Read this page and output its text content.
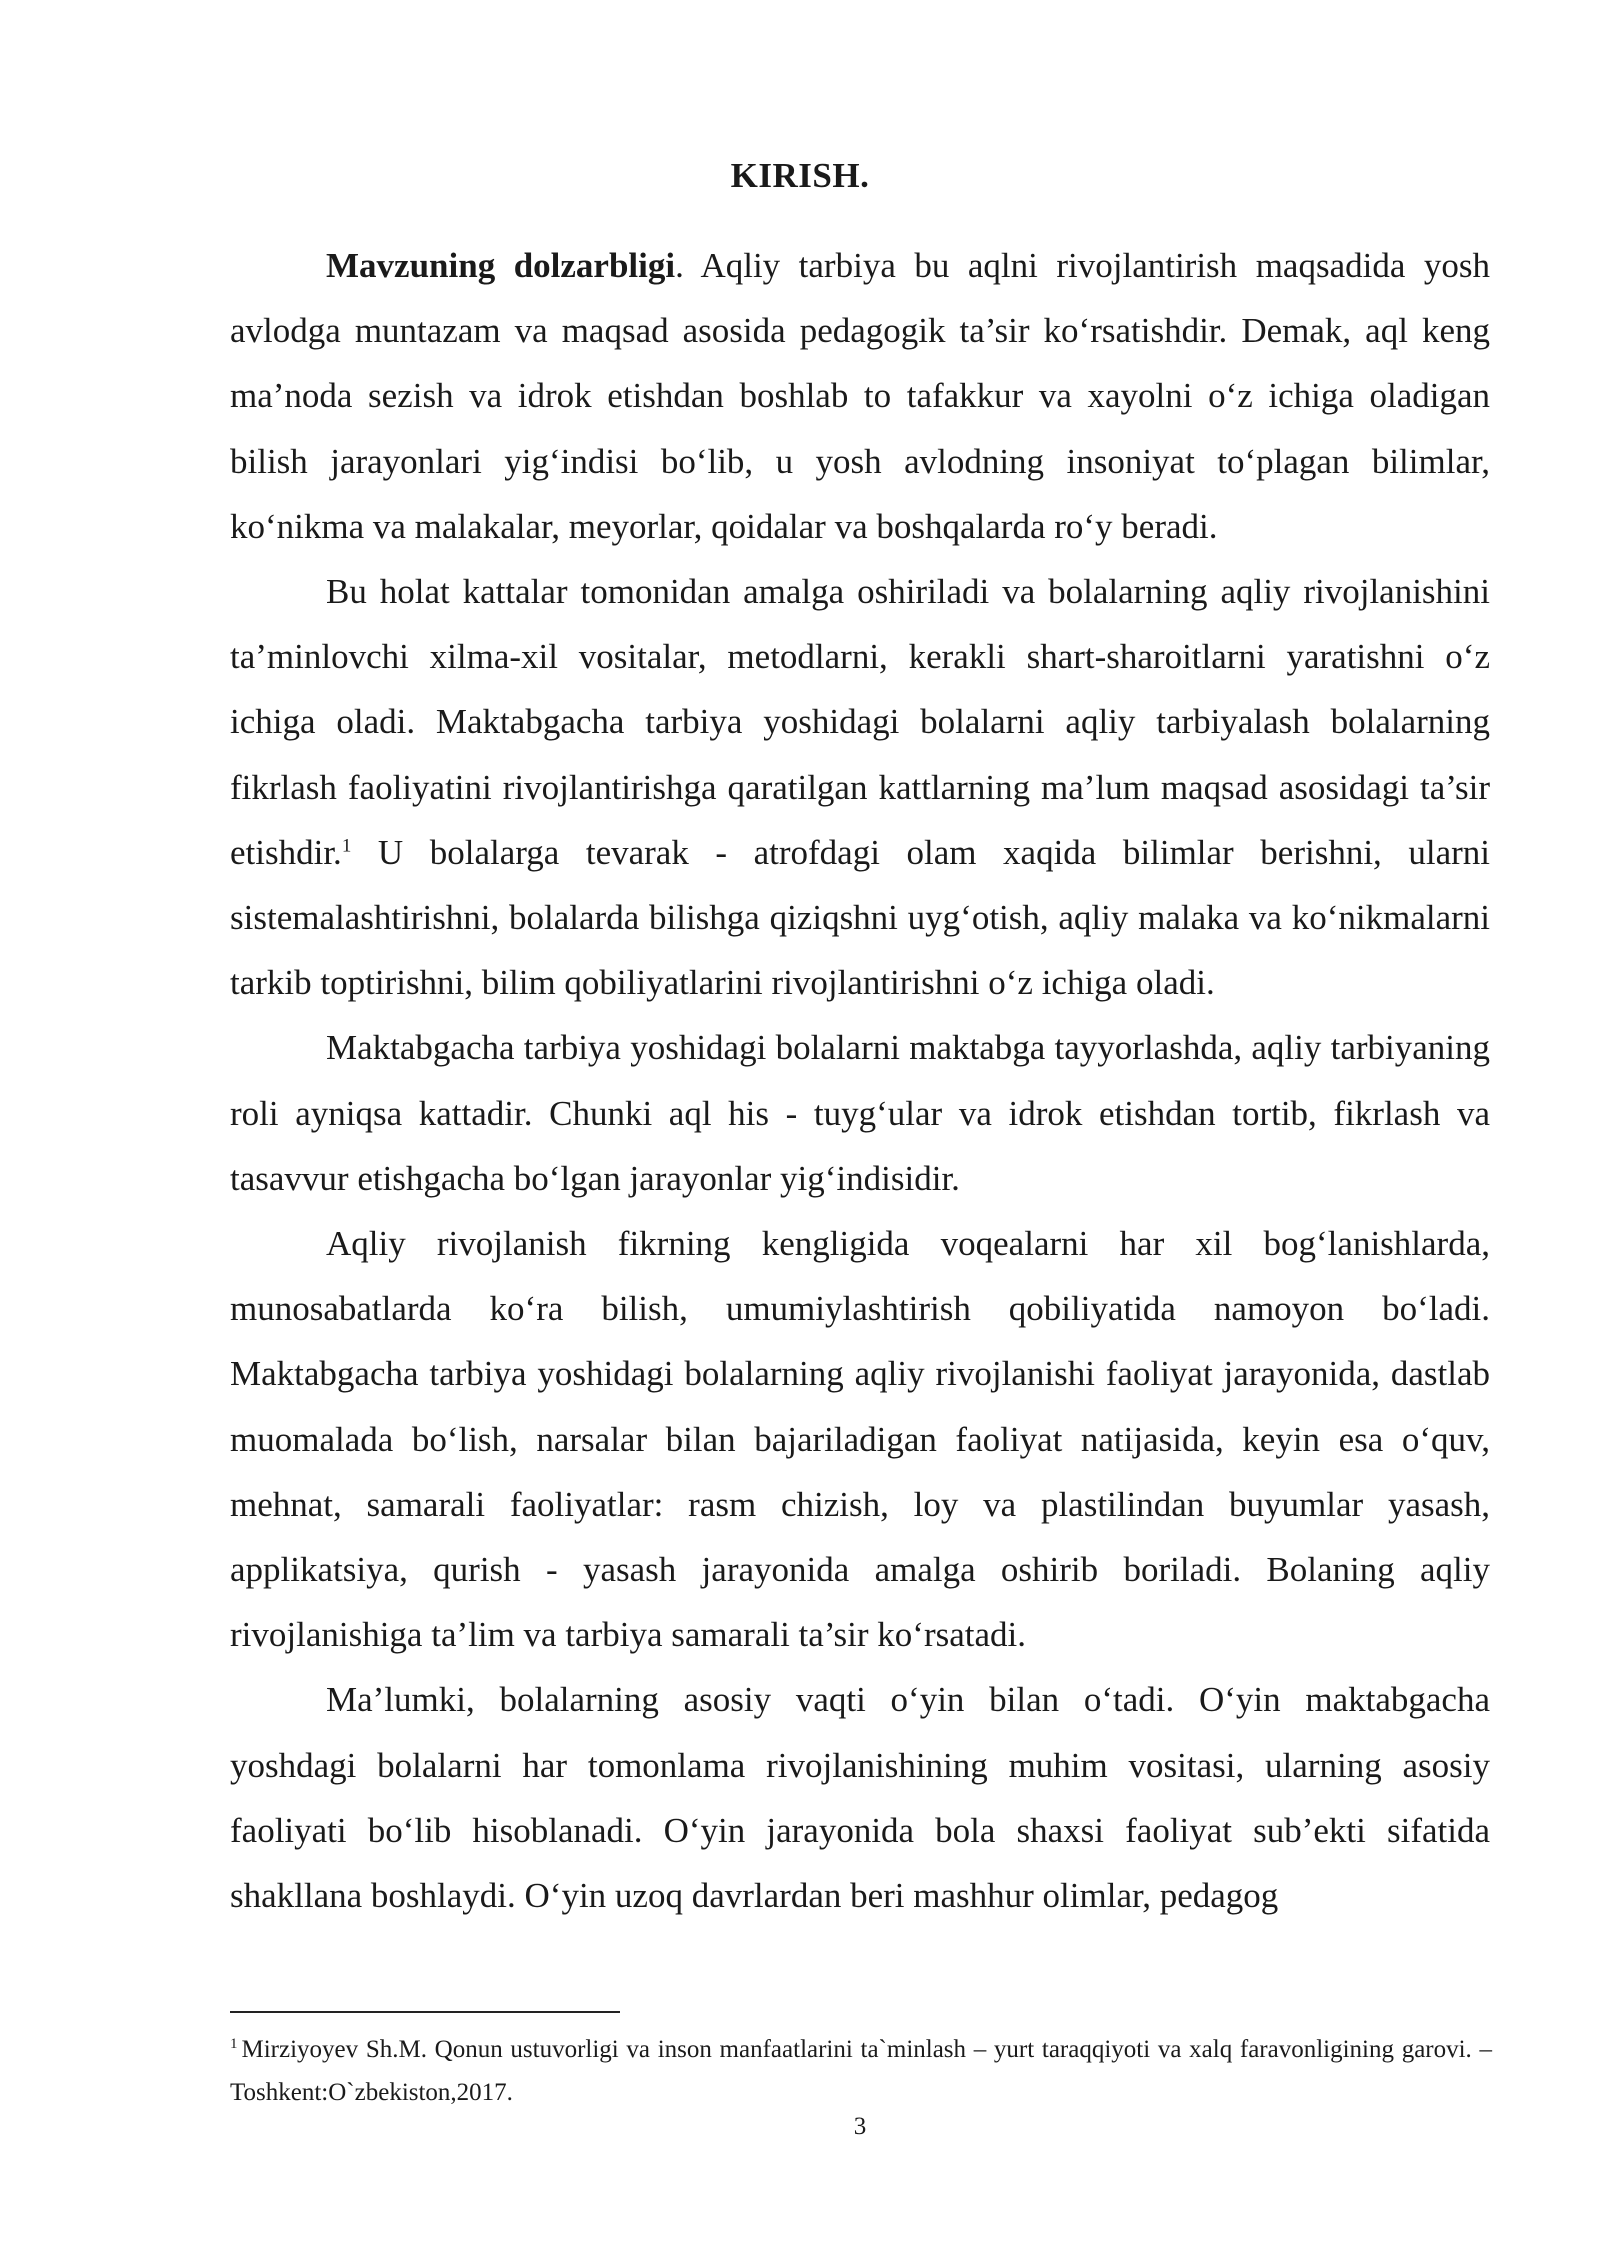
KIRISH.

Mavzuning dolzarbligi. Aqliy tarbiya bu aqlni rivojlantirish maqsadida yosh avlodga muntazam va maqsad asosida pedagogik ta’sir koʻrsatishdir. Demak, aql keng ma’noda sezish va idrok etishdan boshlab to tafakkur va xayolni oʻz ichiga oladigan bilish jarayonlari yigʻindisi boʻlib, u yosh avlodning insoniyat toʻplagan bilimlar, koʻnikma va malakalar, meyorlar, qoidalar va boshqalarda roʻy beradi.

Bu holat kattalar tomonidan amalga oshiriladi va bolalarning aqliy rivojlanishini ta’minlovchi xilma-xil vositalar, metodlarni, kerakli shart-sharoitlarni yaratishni oʻz ichiga oladi. Maktabgacha tarbiya yoshidagi bolalarni aqliy tarbiyalash bolalarning fikrlash faoliyatini rivojlantirishga qaratilgan kattlarning ma’lum maqsad asosidagi ta’sir etishdir.$^1$ U bolalarga tevarak - atrofdagi olam xaqida bilimlar berishni, ularni sistemalashtirishni, bolalarda bilishga qiziqshni uygʻotish, aqliy malaka va koʻnikmalarni tarkib toptirishni, bilim qobiliyatlarini rivojlantirishni oʻz ichiga oladi.

Maktabgacha tarbiya yoshidagi bolalarni maktabga tayyorlashda, aqliy tarbiyaning roli ayniqsa kattadir. Chunki aql his - tuygʻular va idrok etishdan tortib, fikrlash va tasavvur etishgacha boʻlgan jarayonlar yigʻindisidir.

Aqliy rivojlanish fikrning kengligida voqealarni har xil bogʻlanishlarda, munosabatlarda koʻra bilish, umumiylashtirish qobiliyatida namoyon boʻladi. Maktabgacha tarbiya yoshidagi bolalarning aqliy rivojlanishi faoliyat jarayonida, dastlab muomalada boʻlish, narsalar bilan bajariladigan faoliyat natijasida, keyin esa oʻquv, mehnat, samarali faoliyatlar: rasm chizish, loy va plastilindan buyumlar yasash, applikatsiya, qurish - yasash jarayonida amalga oshirib boriladi. Bolaning aqliy rivojlanishiga ta’lim va tarbiya samarali ta’sir koʻrsatadi.

Ma’lumki, bolalarning asosiy vaqti oʻyin bilan oʻtadi. Oʻyin maktabgacha yoshdagi bolalarni har tomonlama rivojlanishining muhim vositasi, ularning asosiy faoliyati boʻlib hisoblanadi. Oʻyin jarayonida bola shaxsi faoliyat sub’ekti sifatida shakllana boshlaydi. Oʻyin uzoq davrlardan beri mashhur olimlar, pedagog

$^1$ Mirziyoyev Sh.M. Qonun ustuvorligi va inson manfaatlarini ta`minlash – yurt taraqqiyoti va xalq faravonligining garovi. – Toshkent:O`zbekiston,2017.

3
